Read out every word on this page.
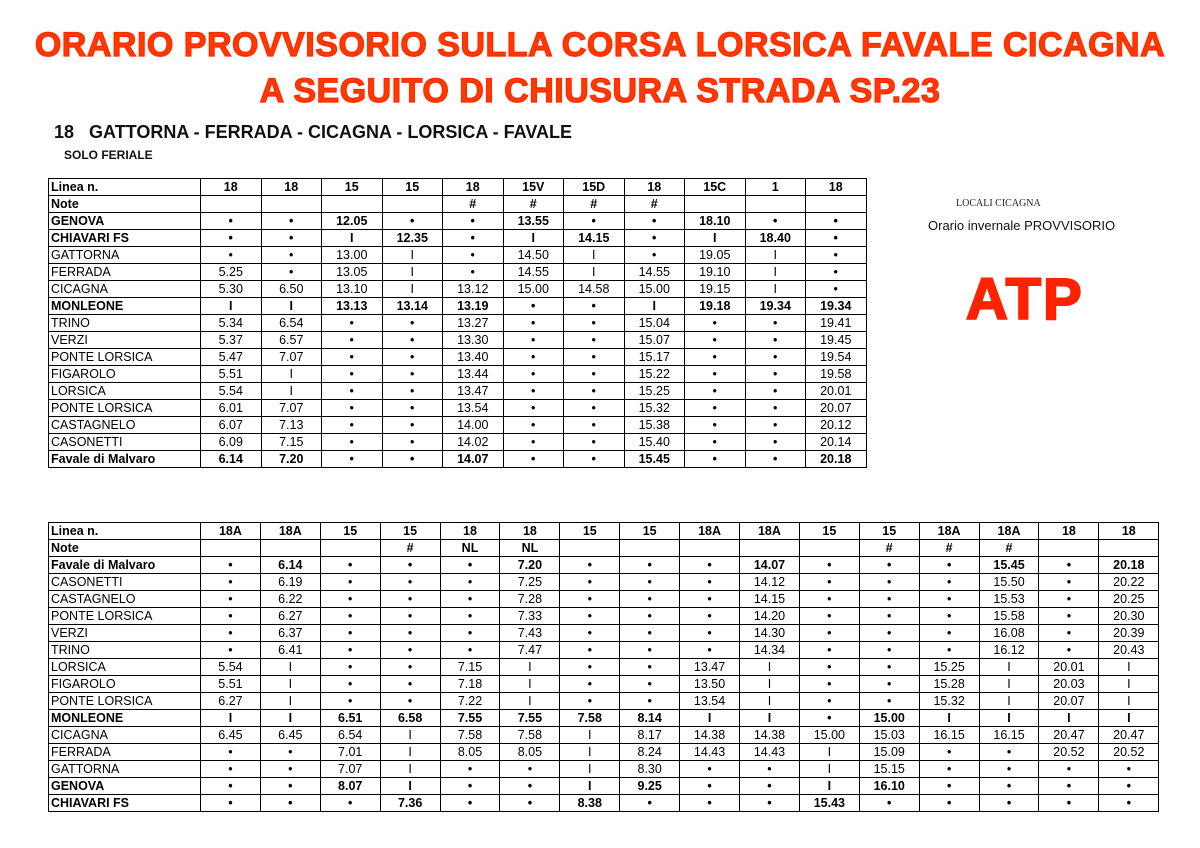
ORARIO PROVVISORIO SULLA CORSA LORSICA FAVALE CICAGNA
A SEGUITO DI CHIUSURA STRADA SP.23
18   GATTORNA - FERRADA - CICAGNA - LORSICA - FAVALE
SOLO FERIALE
Linea n.	18	18	15	15	18	15V	15D	18	15C	1	18
Note					#	#	#	#			
GENOVA	•	•	12.05	•	•	13.55	•	•	18.10	•	•
CHIAVARI FS	•	•	I	12.35	•	I	14.15	•	I	18.40	•
GATTORNA	•	•	13.00	I	•	14.50	I	•	19.05	I	•
FERRADA	5.25	•	13.05	I	•	14.55	I	14.55	19.10	I	•
CICAGNA	5.30	6.50	13.10	I	13.12	15.00	14.58	15.00	19.15	I	•
MONLEONE	I	I	13.13	13.14	13.19	•	•	I	19.18	19.34	19.34
TRINO	5.34	6.54	•	•	13.27	•	•	15.04	•	•	19.41
VERZI	5.37	6.57	•	•	13.30	•	•	15.07	•	•	19.45
PONTE LORSICA	5.47	7.07	•	•	13.40	•	•	15.17	•	•	19.54
FIGAROLO	5.51	I	•	•	13.44	•	•	15.22	•	•	19.58
LORSICA	5.54	I	•	•	13.47	•	•	15.25	•	•	20.01
PONTE LORSICA	6.01	7.07	•	•	13.54	•	•	15.32	•	•	20.07
CASTAGNELO	6.07	7.13	•	•	14.00	•	•	15.38	•	•	20.12
CASONETTI	6.09	7.15	•	•	14.02	•	•	15.40	•	•	20.14
Favale di Malvaro	6.14	7.20	•	•	14.07	•	•	15.45	•	•	20.18
LOCALI CICAGNA
Orario invernale PROVVISORIO
ATP
Linea n.	18A	18A	15	15	18	18	15	15	18A	18A	15	15	18A	18A	18	18
Note				#	NL	NL						#	#	#		
Favale di Malvaro	•	6.14	•	•	•	7.20	•	•	•	14.07	•	•	•	15.45	•	20.18
CASONETTI	•	6.19	•	•	•	7.25	•	•	•	14.12	•	•	•	15.50	•	20.22
CASTAGNELO	•	6.22	•	•	•	7.28	•	•	•	14.15	•	•	•	15.53	•	20.25
PONTE LORSICA	•	6.27	•	•	•	7.33	•	•	•	14.20	•	•	•	15.58	•	20.30
VERZI	•	6.37	•	•	•	7.43	•	•	•	14.30	•	•	•	16.08	•	20.39
TRINO	•	6.41	•	•	•	7.47	•	•	•	14.34	•	•	•	16.12	•	20.43
LORSICA	5.54	I	•	•	7.15	I	•	•	13.47	I	•	•	15.25	I	20.01	I
FIGAROLO	5.51	I	•	•	7.18	I	•	•	13.50	I	•	•	15.28	I	20.03	I
PONTE LORSICA	6.27	I	•	•	7.22	I	•	•	13.54	I	•	•	15.32	I	20.07	I
MONLEONE	I	I	6.51	6.58	7.55	7.55	7.58	8.14	I	I	•	15.00	I	I	I	I
CICAGNA	6.45	6.45	6.54	I	7.58	7.58	I	8.17	14.38	14.38	15.00	15.03	16.15	16.15	20.47	20.47
FERRADA	•	•	7.01	I	8.05	8.05	I	8.24	14.43	14.43	I	15.09	•	•	20.52	20.52
GATTORNA	•	•	7.07	I	•	•	I	8.30	•	•	I	15.15	•	•	•	•
GENOVA	•	•	8.07	I	•	•	I	9.25	•	•	I	16.10	•	•	•	•
CHIAVARI FS	•	•	•	7.36	•	•	8.38	•	•	•	15.43	•	•	•	•	•
